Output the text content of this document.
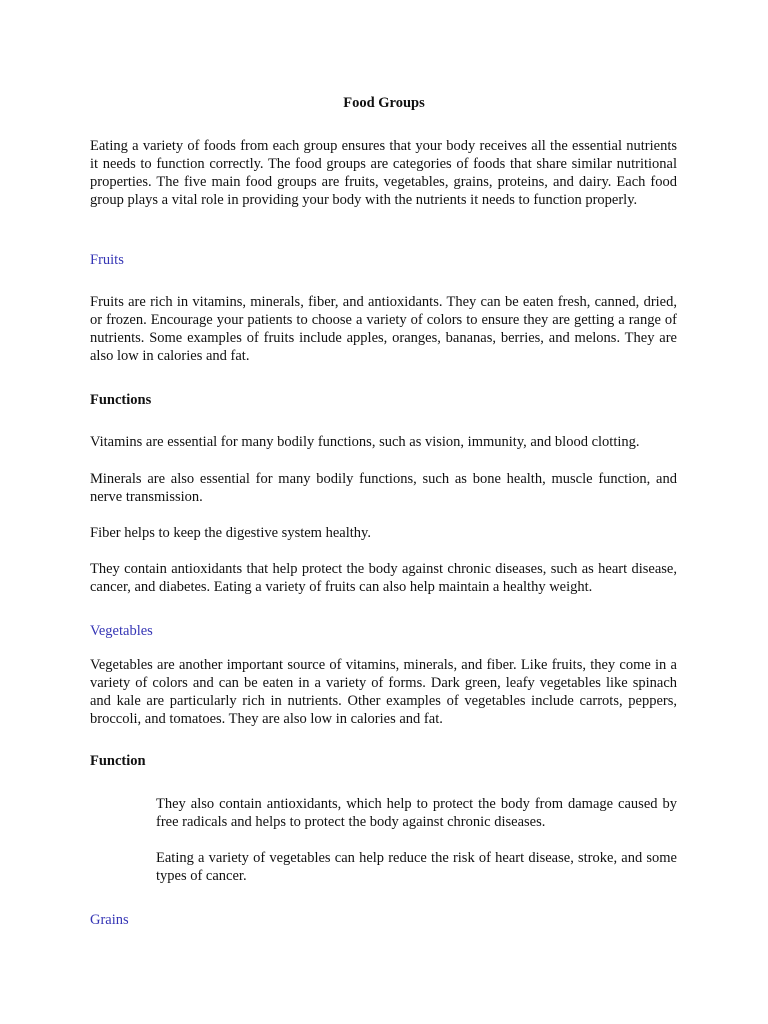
Food Groups

Eating a variety of foods from each group ensures that your body receives all the essential nutrients it needs to function correctly. The food groups are categories of foods that share similar nutritional properties. The five main food groups are fruits, vegetables, grains, proteins, and dairy. Each food group plays a vital role in providing your body with the nutrients it needs to function properly.

Fruits

Fruits are rich in vitamins, minerals, fiber, and antioxidants. They can be eaten fresh, canned, dried, or frozen. Encourage your patients to choose a variety of colors to ensure they are getting a range of nutrients. Some examples of fruits include apples, oranges, bananas, berries, and melons. They are also low in calories and fat.

Functions

Vitamins are essential for many bodily functions, such as vision, immunity, and blood clotting.

Minerals are also essential for many bodily functions, such as bone health, muscle function, and nerve transmission.

Fiber helps to keep the digestive system healthy.

They contain antioxidants that help protect the body against chronic diseases, such as heart disease, cancer, and diabetes. Eating a variety of fruits can also help maintain a healthy weight.

Vegetables

Vegetables are another important source of vitamins, minerals, and fiber. Like fruits, they come in a variety of colors and can be eaten in a variety of forms. Dark green, leafy vegetables like spinach and kale are particularly rich in nutrients. Other examples of vegetables include carrots, peppers, broccoli, and tomatoes. They are also low in calories and fat.

Function

They also contain antioxidants, which help to protect the body from damage caused by free radicals and helps to protect the body against chronic diseases.

Eating a variety of vegetables can help reduce the risk of heart disease, stroke, and some types of cancer.

Grains
